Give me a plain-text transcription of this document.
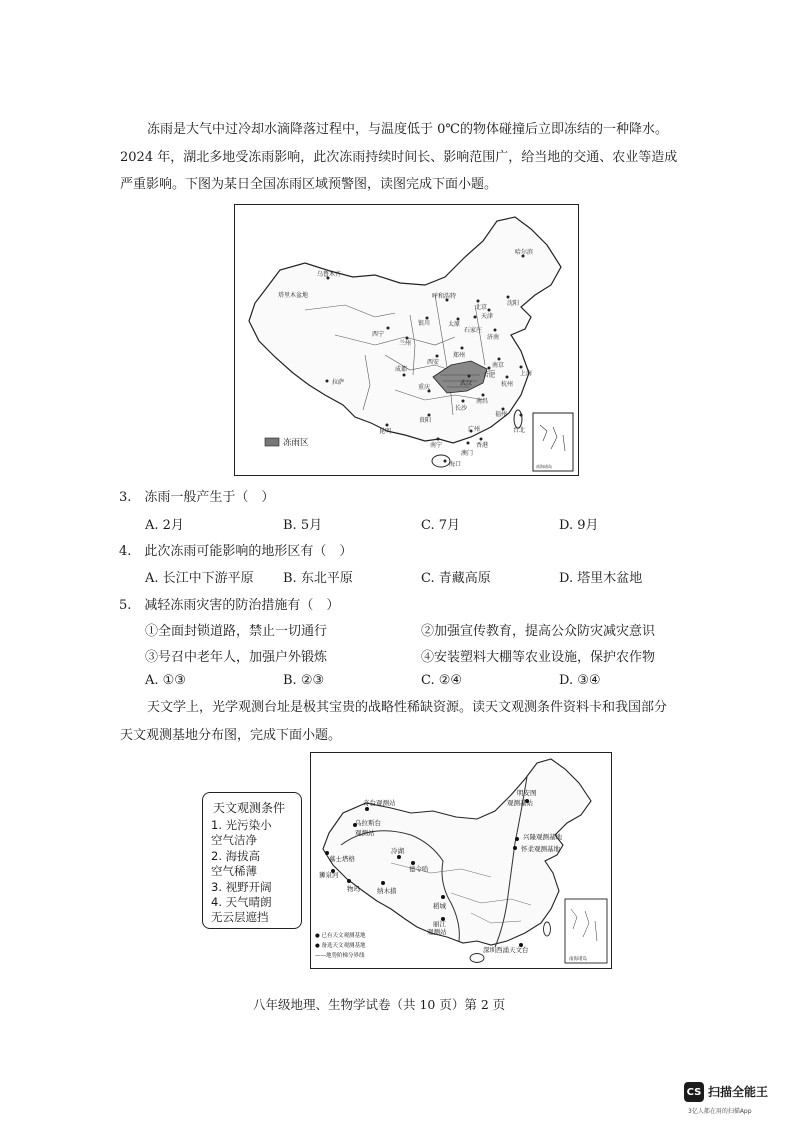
冻雨是大气中过冷却水滴降落过程中，与温度低于 0℃的物体碰撞后立即冻结的一种降水。
2024 年，湖北多地受冻雨影响，此次冻雨持续时间长、影响范围广，给当地的交通、农业等造成
严重影响。下图为某日全国冻雨区域预警图，读图完成下面小题。
哈尔滨
乌鲁木齐
塔里木盆地	呼和浩特
北京
沈阳
太原
石家庄
天津
济南
西宁
兰州
银川
郑州
西安	南京
上海
成都
合肥
武汉	杭州
拉萨
重庆
南昌
长沙
福州
贵阳
台北
昆明
南宁
广州
香港
澳门
海口
冻雨区
南海诸岛
3.　冻雨一般产生于（　）
A. 2月	B. 5月	C. 7月	D. 9月
4.　此次冻雨可能影响的地形区有（　）
A. 长江中下游平原 B. 东北平原	C. 青藏高原	D. 塔里木盆地
5.　减轻冻雨灾害的防治措施有（　）
①全面封锁道路，禁止一切通行	②加强宣传教育，提高公众防灾减灾意识
③号召中老年人，加强户外锻炼	④安装塑料大棚等农业设施，保护农作物
A. ①③	B. ②③	C. ②④	D. ③④
天文学上，光学观测台址是极其宝贵的战略性稀缺资源。读天文观测条件资料卡和我国部分
天文观测基地分布图，完成下面小题。
天文观测条件
1. 光污染小
空气洁净
2. 海拔高
空气稀薄
3. 视野开阔
4. 天气晴朗
无云层遮挡
奇台观测站
明安图
观测基站
乌拉斯台
观测站
慕士塔格
冷湖
德令哈
兴隆观测基地
怀柔观测基地
狮泉河
物玛	纳木措
稻城
丽江
观测站
深圳西涌天文台
● 已有天文观测基地
● 备选天文观测基地
——地势阶梯分界线
南海诸岛
八年级地理、生物学试卷（共 10 页）第 2 页
CS 扫描全能王
3亿人都在用的扫描App
